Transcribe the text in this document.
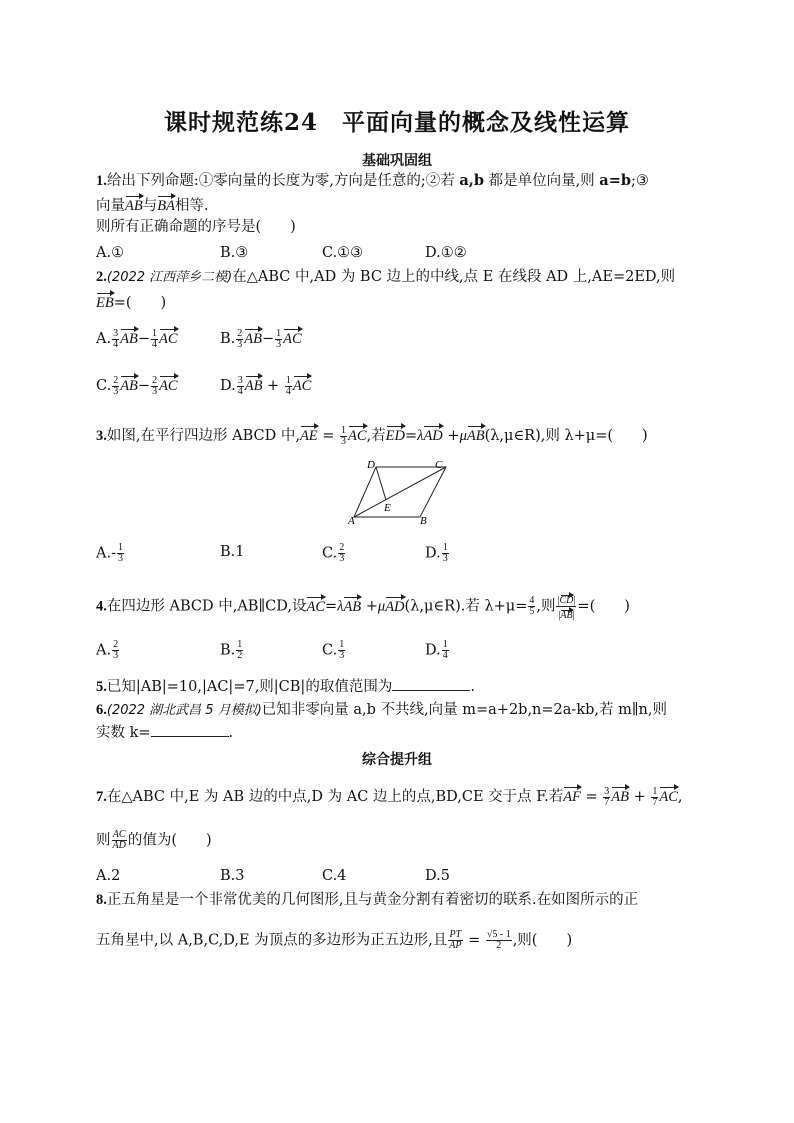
课时规范练24　平面向量的概念及线性运算
基础巩固组
1.给出下列命题:①零向量的长度为零,方向是任意的;②若 a,b 都是单位向量,则 a=b;③
向量AB与BA相等.
则所有正确命题的序号是(　　)
A.①	B.③	C.①③	D.①②
2.(2022 江西萍乡二模)在△ABC 中,AD 为 BC 边上的中线,点 E 在线段 AD 上,AE=2ED,则
EB=(　　)
A. $\frac{3}{4} AB- \frac{1}{4}$ AC	B. $\frac{2}{3} AB- \frac{1}{3}$ AC
C. $\frac{2}{3} AB- \frac{2}{3}$ AC	D. $\frac{3}{4}$ AB + $\frac{1}{4}$ AC
3.如图,在平行四边形 ABCD 中$,AE = \frac{1}{3}$ AC,若ED=λAD +μAB(λ,μ∈R),则 λ+μ=(　　)
D	C
A	B
E
$A.- \frac{1}{3}$	B.1	C. $\frac{2}{3}$	D. $\frac{1}{3}$
4.在四边形 ABCD 中,AB∥CD,设AC=λAB +μAD(λ,μ∈R).若 $\lambda+\mu= \frac{4}{5}$ ,则 $\frac{|CD|}{|AB|}$ =(　　)
A. $\frac{2}{3}$	B. $\frac{1}{2}$	C. $\frac{1}{3}$	D. $\frac{1}{4}$
5.已知|AB|=10,|AC|=7,则|CB|的取值范围为	.
6.(2022 湖北武昌 5 月模拟)已知非零向量 a,b 不共线,向量 m=a+2b,n=2a-kb,若 m∥n,则
实数 k=	.
综合提升组
7.在△ABC 中,E 为 AB 边的中点,D 为 AC 边上的点,BD,CE 交于点 F.若AF = $\frac{3}{7}$ AB + $\frac{1}{7}$ AC,
则 $\frac{AC}{AD}$ 的值为(　　)
A.2	B.3	C.4	D.5
8.正五角星是一个非常优美的几何图形,且与黄金分割有着密切的联系.在如图所示的正
五角星中,以 A,B,C,D,E 为顶点的多边形为正五边形,且 $\frac{PT}{AP} = \frac{√5 - 1}{2}$ ,则(　　)
